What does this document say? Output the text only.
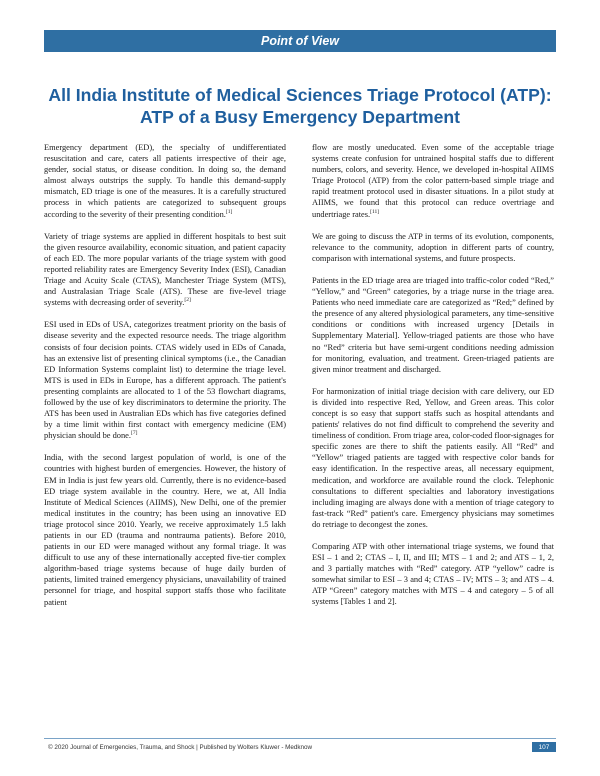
Point of View
All India Institute of Medical Sciences Triage Protocol (ATP):
ATP of a Busy Emergency Department

Emergency department (ED), the specialty of undifferentiated resuscitation and care, caters all patients irrespective of their age, gender, social status, or disease condition. In doing so, the demand almost always outstrips the supply. To handle this demand-supply mismatch, ED triage is one of the measures. It is a carefully structured process in which patients are categorized to subsequent groups according to the severity of their presenting condition.[1]

Variety of triage systems are applied in different hospitals to best suit the given resource availability, economic situation, and patient capacity of each ED. The more popular variants of the triage system with good reported reliability rates are Emergency Severity Index (ESI), Canadian Triage and Acuity Scale (CTAS), Manchester Triage System (MTS), and Australasian Triage Scale (ATS). These are five-level triage systems with decreasing order of severity.[2]

ESI used in EDs of USA, categorizes treatment priority on the basis of disease severity and the expected resource needs. The triage algorithm consists of four decision points. CTAS widely used in EDs of Canada, has an extensive list of presenting clinical symptoms (i.e., the Canadian ED Information Systems complaint list) to determine the triage level. MTS is used in EDs in Europe, has a different approach. The patient's presenting complaints are allocated to 1 of the 53 flowchart diagrams, followed by the use of key discriminators to determine the priority. The ATS has been used in Australian EDs which has five categories defined by a time limit within first contact with emergency medicine (EM) physician should be done.[7]

India, with the second largest population of world, is one of the countries with highest burden of emergencies. However, the history of EM in India is just few years old. Currently, there is no evidence-based ED triage system available in the country. Here, we at, All India Institute of Medical Sciences (AIIMS), New Delhi, one of the premier medical institutes in the country; has been using an innovative ED triage protocol since 2010. Yearly, we receive approximately 1.5 lakh patients in our ED (trauma and nontrauma patients). Before 2010, patients in our ED were managed without any formal triage. It was difficult to use any of these internationally accepted five-tier complex algorithm-based triage systems because of huge daily burden of patients, limited trained emergency physicians, unavailability of trained personnel for triage, and hospital support staffs those who facilitate patient

flow are mostly uneducated. Even some of the acceptable triage systems create confusion for untrained hospital staffs due to different numbers, colors, and severity. Hence, we developed in-hospital AIIMS Triage Protocol (ATP) from the color pattern-based simple triage and rapid treatment protocol used in disaster situations. In a pilot study at AIIMS, we found that this protocol can reduce overtriage and undertriage rates.[11]

We are going to discuss the ATP in terms of its evolution, components, relevance to the community, adoption in different parts of country, comparison with international systems, and future prospects.

Patients in the ED triage area are triaged into traffic-color coded “Red,” “Yellow,” and “Green” categories, by a triage nurse in the triage area. Patients who need immediate care are categorized as “Red;” defined by the presence of any altered physiological parameters, any time-sensitive conditions or conditions with increased urgency [Details in Supplementary Material]. Yellow-triaged patients are those who have no “Red” criteria but have semi-urgent conditions needing admission for monitoring, evaluation, and treatment. Green-triaged patients are given minor treatment and discharged.

For harmonization of initial triage decision with care delivery, our ED is divided into respective Red, Yellow, and Green areas. This color concept is so easy that support staffs such as hospital attendants and patients' relatives do not find difficult to comprehend the severity and timeliness of condition. From triage area, color-coded floor-signages for specific zones are there to shift the patients easily. All “Red” and “Yellow” triaged patients are tagged with respective color bands for easy identification. In the respective areas, all necessary equipment, medication, and workforce are available round the clock. Telephonic consultations to different specialties and laboratory investigations including imaging are always done with a mention of triage category to fast-track “Red” patient's care. Emergency physicians may sometimes do retriage to decongest the zones.

Comparing ATP with other international triage systems, we found that ESI – 1 and 2; CTAS – I, II, and III; MTS – 1 and 2; and ATS – 1, 2, and 3 partially matches with “Red” category. ATP “yellow” cadre is somewhat similar to ESI – 3 and 4; CTAS – IV; MTS – 3; and ATS – 4. ATP “Green” category matches with MTS – 4 and category – 5 of all systems [Tables 1 and 2].

© 2020 Journal of Emergencies, Trauma, and Shock | Published by Wolters Kluwer - Medknow	107
